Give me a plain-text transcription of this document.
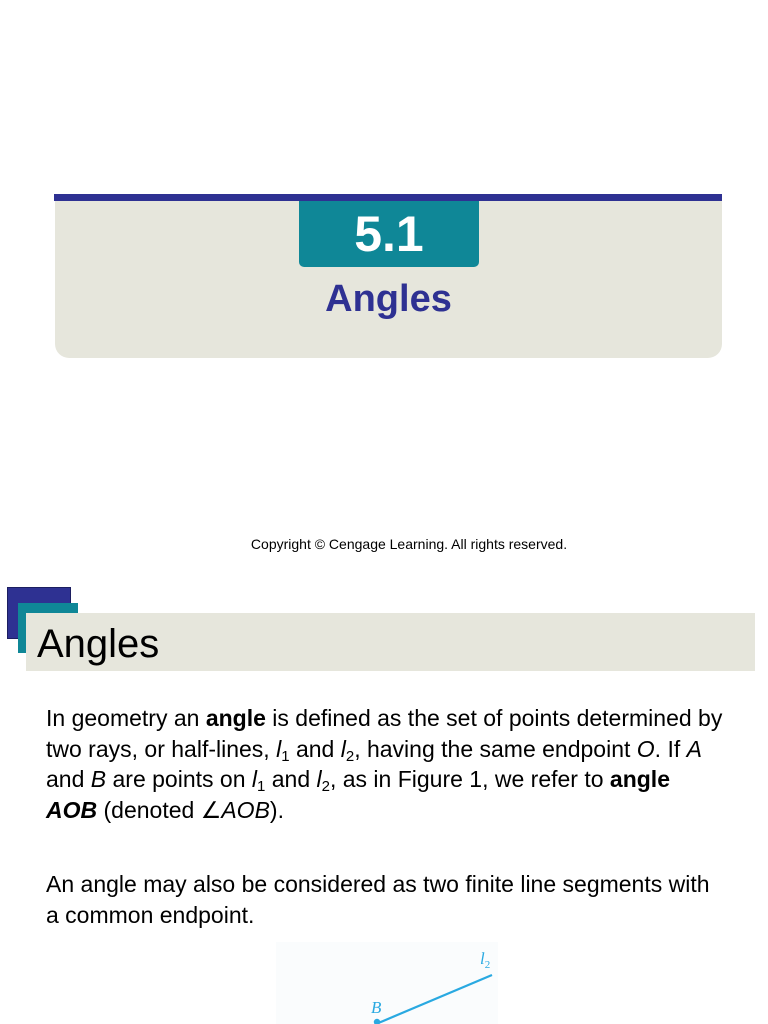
5.1
Angles
Copyright © Cengage Learning. All rights reserved.
Angles

In geometry an angle is defined as the set of points determined by two rays, or half-lines, $l_1$ and $l_2$, having the same endpoint O. If A and B are points on $l_1$ and $l_2$, as in Figure 1, we refer to angle AOB (denoted ∠AOB).

An angle may also be considered as two finite line segments with a common endpoint.

$l_2$
B
